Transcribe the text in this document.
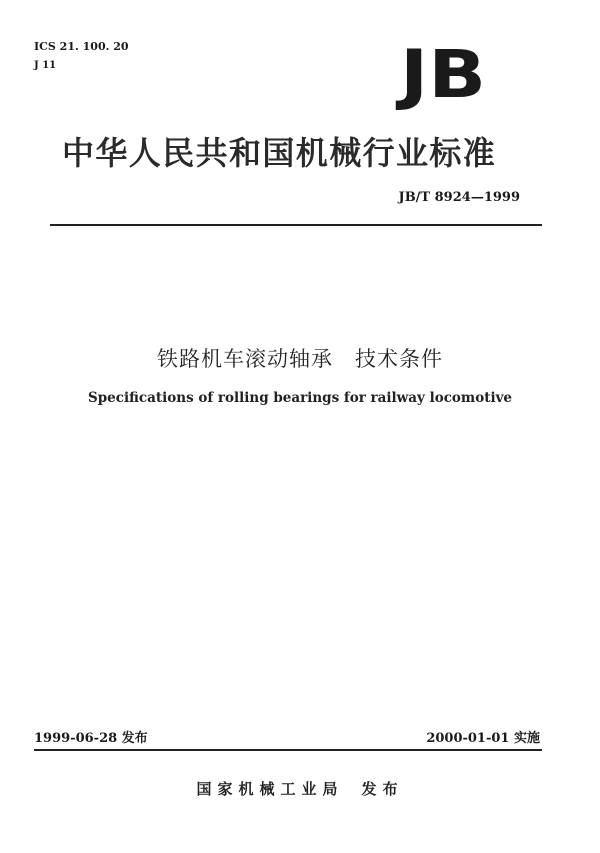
ICS 21. 100. 20
J 11	JB
中华人民共和国机械行业标准
JB/T 8924—1999
铁路机车滚动轴承　技术条件
Specifications of rolling bearings for railway locomotive
1999-06-28 发布	2000-01-01 实施
国家机械工业局 发布
